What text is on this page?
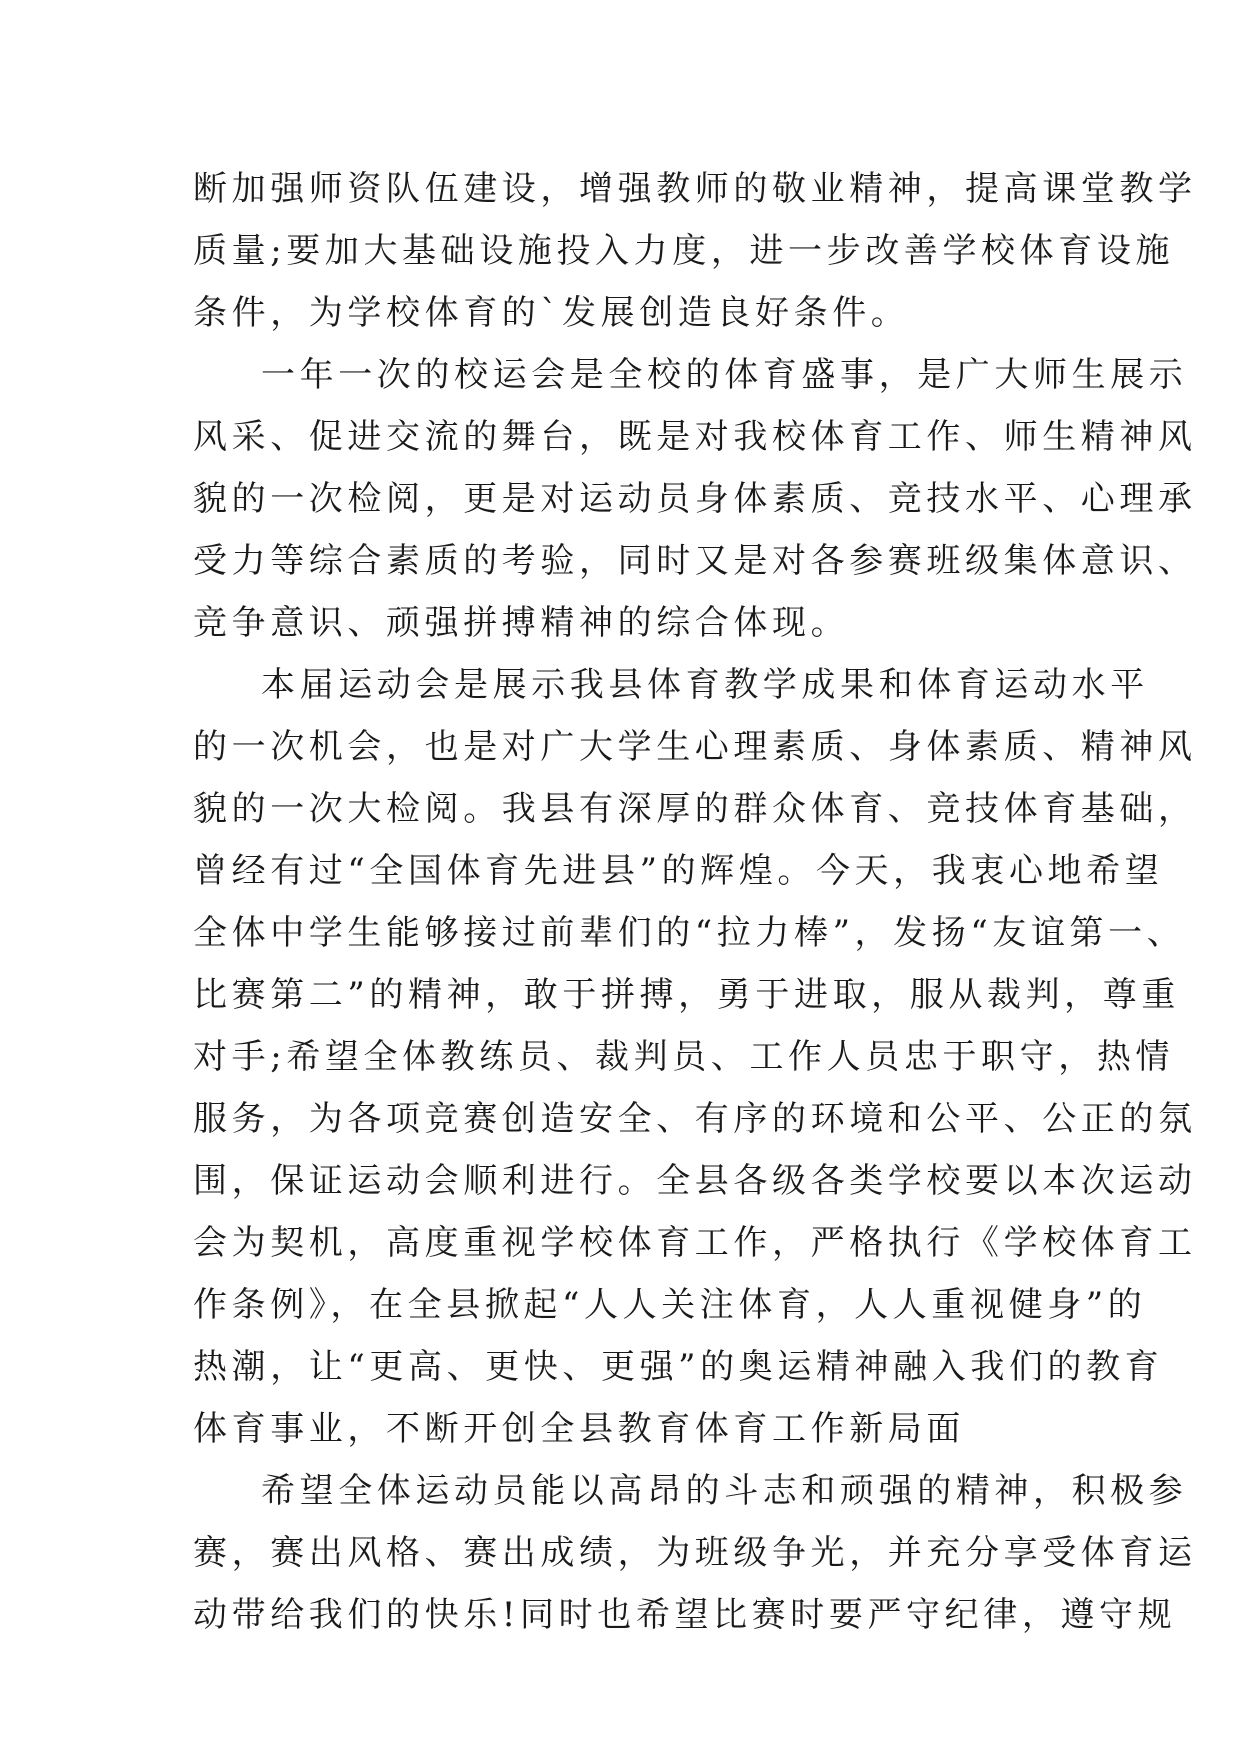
断加强师资队伍建设，增强教师的敬业精神，提高课堂教学
质量;要加大基础设施投入力度，进一步改善学校体育设施
条件，为学校体育的`发展创造良好条件。
一年一次的校运会是全校的体育盛事，是广大师生展示
风采、促进交流的舞台，既是对我校体育工作、师生精神风
貌的一次检阅，更是对运动员身体素质、竞技水平、心理承
受力等综合素质的考验，同时又是对各参赛班级集体意识、
竞争意识、顽强拼搏精神的综合体现。
本届运动会是展示我县体育教学成果和体育运动水平
的一次机会，也是对广大学生心理素质、身体素质、精神风
貌的一次大检阅。我县有深厚的群众体育、竞技体育基础，
曾经有过“全国体育先进县”的辉煌。今天，我衷心地希望
全体中学生能够接过前辈们的“拉力棒”，发扬“友谊第一、
比赛第二”的精神，敢于拼搏，勇于进取，服从裁判，尊重
对手;希望全体教练员、裁判员、工作人员忠于职守，热情
服务，为各项竞赛创造安全、有序的环境和公平、公正的氛
围，保证运动会顺利进行。全县各级各类学校要以本次运动
会为契机，高度重视学校体育工作，严格执行《学校体育工
作条例》，在全县掀起“人人关注体育，人人重视健身”的
热潮，让“更高、更快、更强”的奥运精神融入我们的教育
体育事业，不断开创全县教育体育工作新局面
希望全体运动员能以高昂的斗志和顽强的精神，积极参
赛，赛出风格、赛出成绩，为班级争光，并充分享受体育运
动带给我们的快乐!同时也希望比赛时要严守纪律，遵守规
